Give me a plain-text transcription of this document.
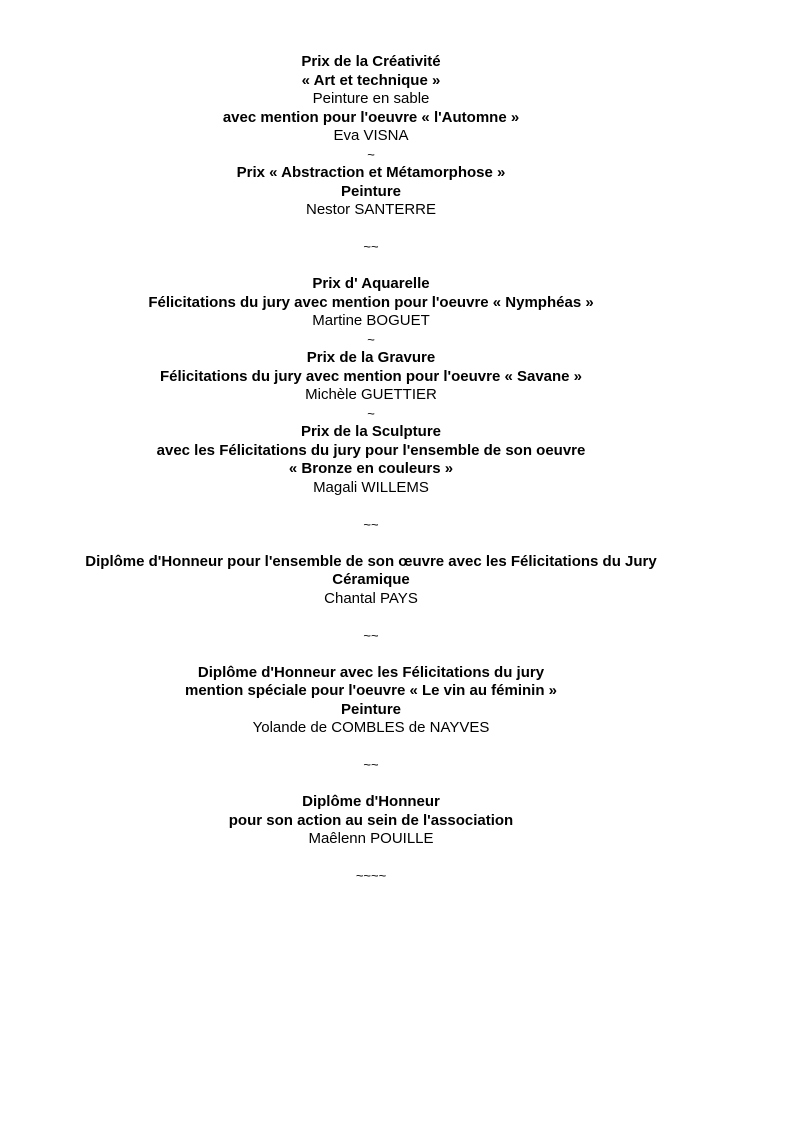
Prix de la Créativité
« Art et technique »
Peinture en sable
avec mention pour l'oeuvre « l'Automne »
Eva VISNA
~
Prix « Abstraction et Métamorphose »
Peinture
Nestor SANTERRE
~~
Prix d' Aquarelle
Félicitations du jury avec mention pour l'oeuvre « Nymphéas »
Martine BOGUET
~
Prix de la Gravure
Félicitations du jury avec mention pour l'oeuvre « Savane »
Michèle GUETTIER
~
Prix de la Sculpture
avec les Félicitations du jury pour l'ensemble de son oeuvre
« Bronze en couleurs »
Magali WILLEMS
~~
Diplôme d'Honneur pour l'ensemble de son œuvre avec les Félicitations du Jury
Céramique
Chantal PAYS
~~
Diplôme d'Honneur avec les Félicitations du jury
mention spéciale pour l'oeuvre « Le vin au féminin »
Peinture
Yolande de COMBLES de NAYVES
~~
Diplôme d'Honneur
pour son action au sein de l'association
Maêlenn POUILLE
~~~~
